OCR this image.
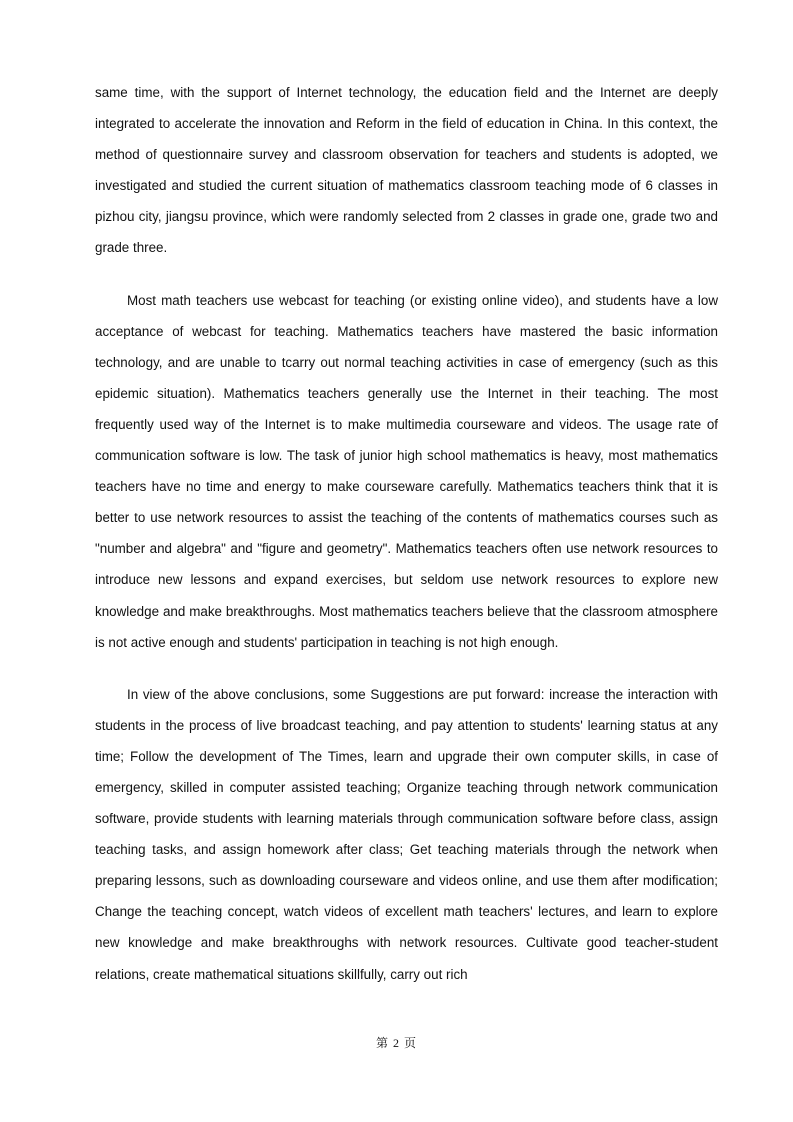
same time, with the support of Internet technology, the education field and the Internet are deeply integrated to accelerate the innovation and Reform in the field of education in China. In this context, the method of questionnaire survey and classroom observation for teachers and students is adopted, we investigated and studied the current situation of mathematics classroom teaching mode of 6 classes in pizhou city, jiangsu province, which were randomly selected from 2 classes in grade one, grade two and grade three.

Most math teachers use webcast for teaching (or existing online video), and students have a low acceptance of webcast for teaching. Mathematics teachers have mastered the basic information technology, and are unable to tcarry out normal teaching activities in case of emergency (such as this epidemic situation). Mathematics teachers generally use the Internet in their teaching. The most frequently used way of the Internet is to make multimedia courseware and videos. The usage rate of communication software is low. The task of junior high school mathematics is heavy, most mathematics teachers have no time and energy to make courseware carefully. Mathematics teachers think that it is better to use network resources to assist the teaching of the contents of mathematics courses such as "number and algebra" and "figure and geometry". Mathematics teachers often use network resources to introduce new lessons and expand exercises, but seldom use network resources to explore new knowledge and make breakthroughs. Most mathematics teachers believe that the classroom atmosphere is not active enough and students' participation in teaching is not high enough.

In view of the above conclusions, some Suggestions are put forward: increase the interaction with students in the process of live broadcast teaching, and pay attention to students' learning status at any time; Follow the development of The Times, learn and upgrade their own computer skills, in case of emergency, skilled in computer assisted teaching; Organize teaching through network communication software, provide students with learning materials through communication software before class, assign teaching tasks, and assign homework after class; Get teaching materials through the network when preparing lessons, such as downloading courseware and videos online, and use them after modification; Change the teaching concept, watch videos of excellent math teachers' lectures, and learn to explore new knowledge and make breakthroughs with network resources. Cultivate good teacher-student relations, create mathematical situations skillfully, carry out rich

第 2 页
